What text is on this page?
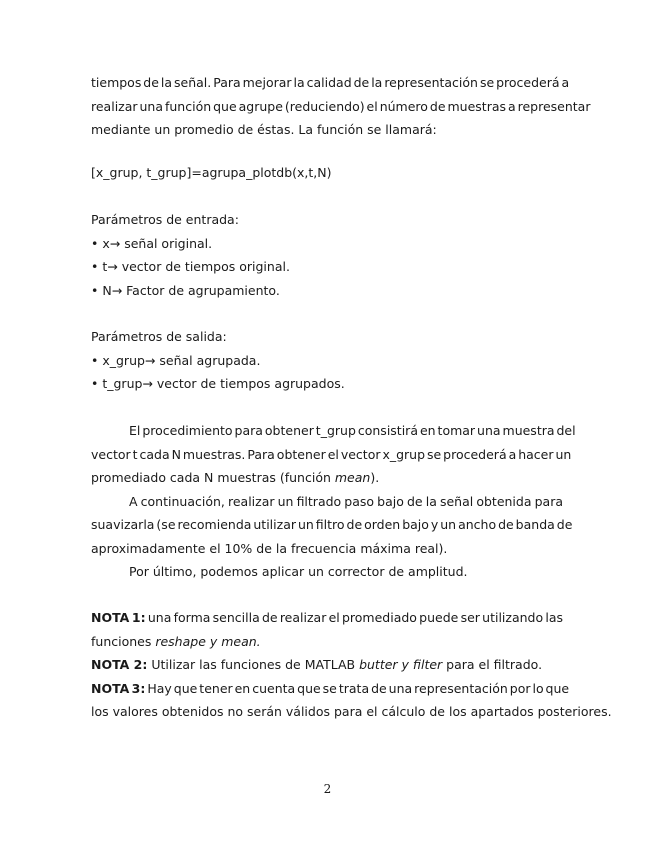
tiempos de la señal. Para mejorar la calidad de la representación se procederá a
realizar una función que agrupe (reduciendo) el número de muestras a representar
mediante un promedio de éstas. La función se llamará:
[x_grup, t_grup]=agrupa_plotdb(x,t,N)
Parámetros de entrada:
• x→ señal original.
• t→ vector de tiempos original.
• N→ Factor de agrupamiento.
Parámetros de salida:
• x_grup→ señal agrupada.
• t_grup→ vector de tiempos agrupados.
El procedimiento para obtener t_grup consistirá en tomar una muestra del
vector t cada N muestras. Para obtener el vector x_grup se procederá a hacer un
promediado cada N muestras (función mean).
A continuación, realizar un filtrado paso bajo de la señal obtenida para
suavizarla (se recomienda utilizar un filtro de orden bajo y un ancho de banda de
aproximadamente el 10% de la frecuencia máxima real).
Por último, podemos aplicar un corrector de amplitud.
NOTA 1: una forma sencilla de realizar el promediado puede ser utilizando las
funciones reshape y mean.
NOTA 2: Utilizar las funciones de MATLAB butter y filter para el filtrado.
NOTA 3: Hay que tener en cuenta que se trata de una representación por lo que
los valores obtenidos no serán válidos para el cálculo de los apartados posteriores.
2
